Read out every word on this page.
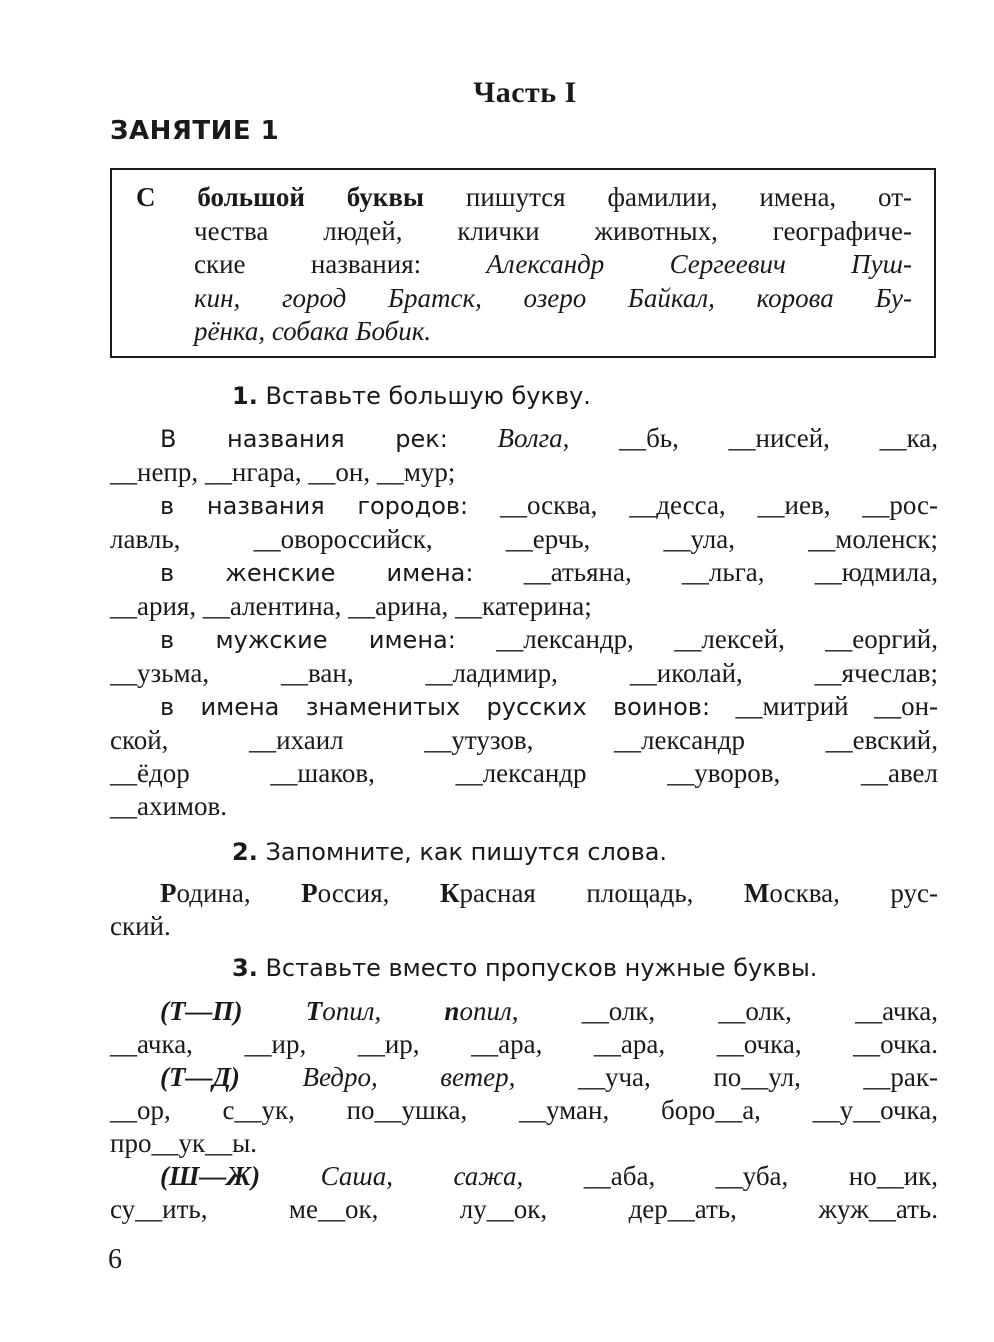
Часть I
ЗАНЯТИЕ 1
С большой буквы пишутся фамилии, имена, от-
чества людей, клички животных, географиче-
ские названия: Александр Сергеевич Пуш-
кин, город Братск, озеро Байкал, корова Бу-
рёнка, собака Бобик.
1. Вставьте большую букву.
В названия рек: Волга, __бь, __нисей, __ка,
__непр, __нгара, __он, __мур;
в названия городов: __осква, __десса, __иев, __рос-
лавль, __овороссийск, __ерчь, __ула, __моленск;
в женские имена: __атьяна, __льга, __юдмила,
__ария, __алентина, __арина, __катерина;
в мужские имена: __лександр, __лексей, __еоргий,
__узьма, __ван, __ладимир, __иколай, __ячеслав;
в имена знаменитых русских воинов: __митрий __он-
ской, __ихаил __утузов, __лександр __евский,
__ёдор __шаков, __лександр __уворов, __авел
__ахимов.
2. Запомните, как пишутся слова.
Родина, Россия, Красная площадь, Москва, рус-
ский.
3. Вставьте вместо пропусков нужные буквы.
(Т—П) Топил, попил, __олк, __олк, __ачка,
__ачка, __ир, __ир, __ара, __ара, __очка, __очка.
(Т—Д) Ведро, ветер, __уча, по__ул, __рак-
__ор, с__ук, по__ушка, __уман, боро__а, __у__очка,
про__ук__ы.
(Ш—Ж) Саша, сажа, __аба, __уба, но__ик,
су__ить, ме__ок, лу__ок, дер__ать, жуж__ать.
6
